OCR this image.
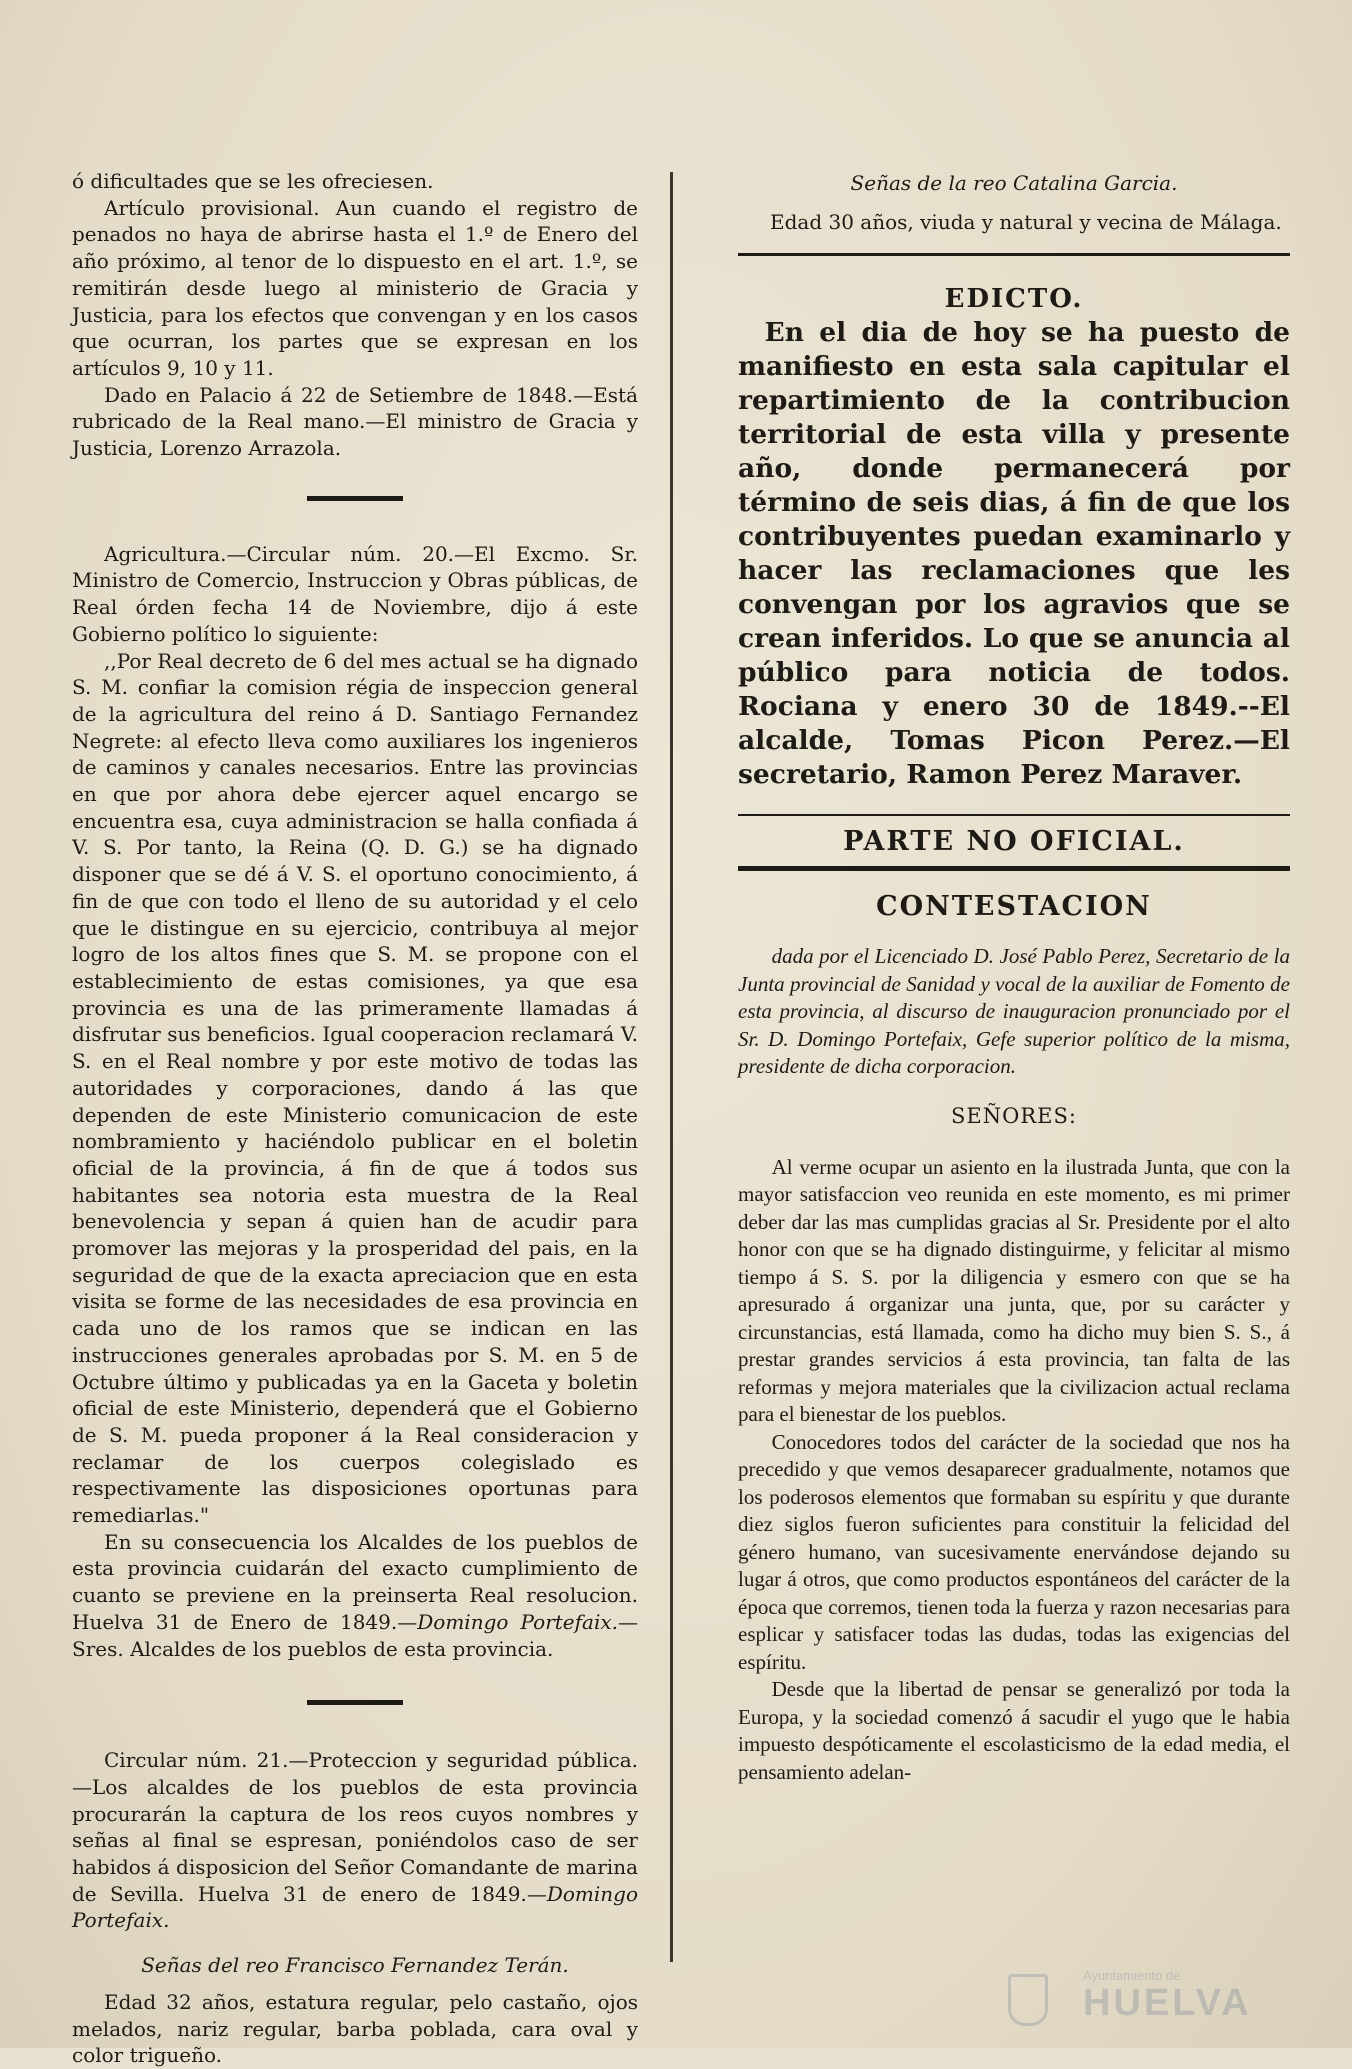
ó dificultades que se les ofreciesen.

Artículo provisional. Aun cuando el registro de penados no haya de abrirse hasta el 1.º de Enero del año próximo, al tenor de lo dispuesto en el art. 1.º, se remitirán desde luego al ministerio de Gracia y Justicia, para los efectos que convengan y en los casos que ocurran, los partes que se expresan en los artículos 9, 10 y 11.

Dado en Palacio á 22 de Setiembre de 1848.—Está rubricado de la Real mano.—El ministro de Gracia y Justicia, Lorenzo Arrazola.

Agricultura.—Circular núm. 20.—El Excmo. Sr. Ministro de Comercio, Instruccion y Obras públicas, de Real órden fecha 14 de Noviembre, dijo á este Gobierno político lo siguiente:

,,Por Real decreto de 6 del mes actual se ha dignado S. M. confiar la comision régia de inspeccion general de la agricultura del reino á D. Santiago Fernandez Negrete: al efecto lleva como auxiliares los ingenieros de caminos y canales necesarios. Entre las provincias en que por ahora debe ejercer aquel encargo se encuentra esa, cuya administracion se halla confiada á V. S. Por tanto, la Reina (Q. D. G.) se ha dignado disponer que se dé á V. S. el oportuno conocimiento, á fin de que con todo el lleno de su autoridad y el celo que le distingue en su ejercicio, contribuya al mejor logro de los altos fines que S. M. se propone con el establecimiento de estas comisiones, ya que esa provincia es una de las primeramente llamadas á disfrutar sus beneficios. Igual cooperacion reclamará V. S. en el Real nombre y por este motivo de todas las autoridades y corporaciones, dando á las que dependen de este Ministerio comunicacion de este nombramiento y haciéndolo publicar en el boletin oficial de la provincia, á fin de que á todos sus habitantes sea notoria esta muestra de la Real benevolencia y sepan á quien han de acudir para promover las mejoras y la prosperidad del pais, en la seguridad de que de la exacta apreciacion que en esta visita se forme de las necesidades de esa provincia en cada uno de los ramos que se indican en las instrucciones generales aprobadas por S. M. en 5 de Octubre último y publicadas ya en la Gaceta y boletin oficial de este Ministerio, dependerá que el Gobierno de S. M. pueda proponer á la Real consideracion y reclamar de los cuerpos colegislado es respectivamente las disposiciones oportunas para remediarlas."

En su consecuencia los Alcaldes de los pueblos de esta provincia cuidarán del exacto cumplimiento de cuanto se previene en la preinserta Real resolucion. Huelva 31 de Enero de 1849.—Domingo Portefaix.— Sres. Alcaldes de los pueblos de esta provincia.

Circular núm. 21.—Proteccion y seguridad pública. —Los alcaldes de los pueblos de esta provincia procurarán la captura de los reos cuyos nombres y señas al final se espresan, poniéndolos caso de ser habidos á disposicion del Señor Comandante de marina de Sevilla. Huelva 31 de enero de 1849.—Domingo Portefaix.

Señas del reo Francisco Fernandez Terán.

Edad 32 años, estatura regular, pelo castaño, ojos melados, nariz regular, barba poblada, cara oval y color trigueño.

Señas de la reo Catalina Garcia.

Edad 30 años, viuda y natural y vecina de Málaga.

EDICTO.

En el dia de hoy se ha puesto de manifiesto en esta sala capitular el repartimiento de la contribucion territorial de esta villa y presente año, donde permanecerá por término de seis dias, á fin de que los contribuyentes puedan examinarlo y hacer las reclamaciones que les convengan por los agravios que se crean inferidos. Lo que se anuncia al público para noticia de todos. Rociana y enero 30 de 1849.--El alcalde, Tomas Picon Perez.—El secretario, Ramon Perez Maraver.

PARTE NO OFICIAL.

CONTESTACION

dada por el Licenciado D. José Pablo Perez, Secretario de la Junta provincial de Sanidad y vocal de la auxiliar de Fomento de esta provincia, al discurso de inauguracion pronunciado por el Sr. D. Domingo Portefaix, Gefe superior político de la misma, presidente de dicha corporacion.

SEÑORES:

Al verme ocupar un asiento en la ilustrada Junta, que con la mayor satisfaccion veo reunida en este momento, es mi primer deber dar las mas cumplidas gracias al Sr. Presidente por el alto honor con que se ha dignado distinguirme, y felicitar al mismo tiempo á S. S. por la diligencia y esmero con que se ha apresurado á organizar una junta, que, por su carácter y circunstancias, está llamada, como ha dicho muy bien S. S., á prestar grandes servicios á esta provincia, tan falta de las reformas y mejora materiales que la civilizacion actual reclama para el bienestar de los pueblos.

Conocedores todos del carácter de la sociedad que nos ha precedido y que vemos desaparecer gradualmente, notamos que los poderosos elementos que formaban su espíritu y que durante diez siglos fueron suficientes para constituir la felicidad del género humano, van sucesivamente enervándose dejando su lugar á otros, que como productos espontáneos del carácter de la época que corremos, tienen toda la fuerza y razon necesarias para esplicar y satisfacer todas las dudas, todas las exigencias del espíritu.

Desde que la libertad de pensar se generalizó por toda la Europa, y la sociedad comenzó á sacudir el yugo que le habia impuesto despóticamente el escolasticismo de la edad media, el pensamiento adelan-

Ayuntamiento de
HUELVA
